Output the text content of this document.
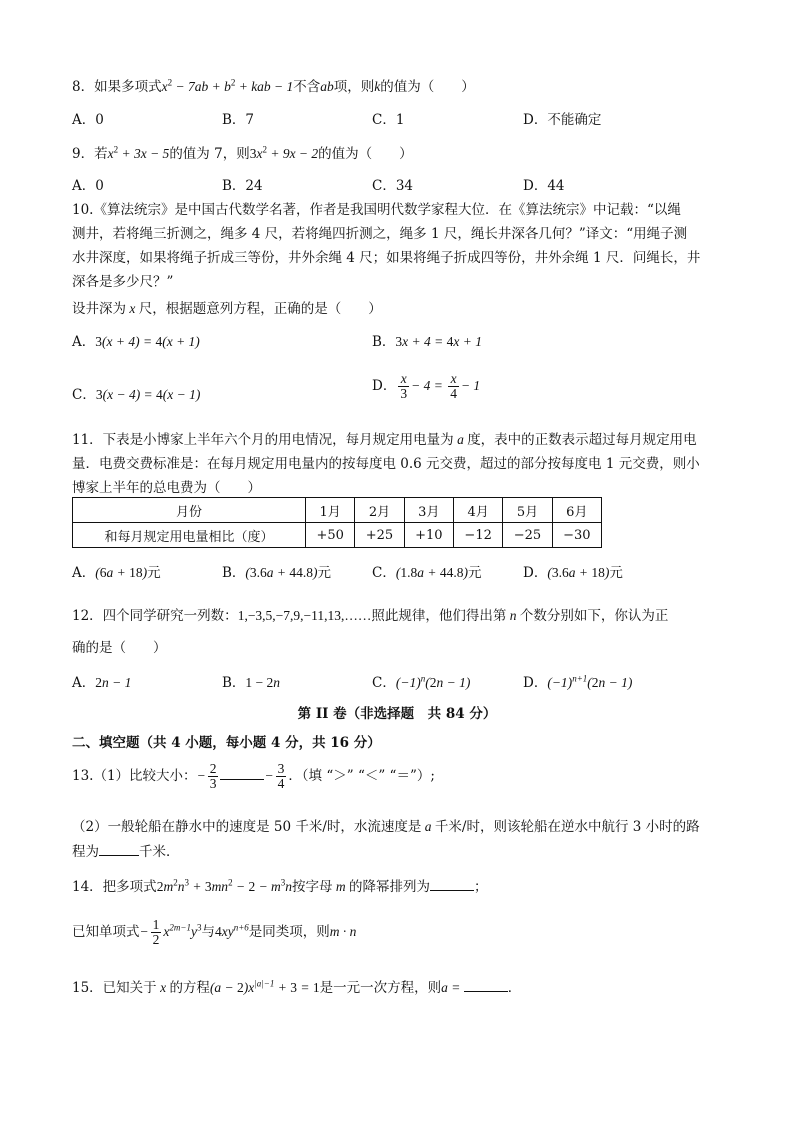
8．如果多项式$x^2 - 7ab + b^2$ + kab − 1不含ab项，则k的值为（　　）
A．0	B．7	C．1	D．不能确定
9．若$x^2 + 3x - 5$的值为 7，则$3x^2 + 9x - 2$的值为（　　）
A．0	B．24	C．34	D．44
10.《算法统宗》是中国古代数学名著，作者是我国明代数学家程大位．在《算法统宗》中记载：“以绳
测井，若将绳三折测之，绳多 4 尺，若将绳四折测之，绳多 1 尺，绳长井深各几何？”译文：“用绳子测
水井深度，如果将绳子折成三等份，井外余绳 4 尺；如果将绳子折成四等份，井外余绳 1 尺．问绳长，井
深各是多少尺？”
设井深为 x 尺，根据题意列方程，正确的是（　　）
A．3(x + 4) = 4(x + 1)	B．3x + 4 = 4x + 1
C．3(x − 4) = 4(x − 1)
D． $\frac{x}{3} - 4 = \frac{x}{4} - 1$
11．下表是小博家上半年六个月的用电情况，每月规定用电量为 a 度，表中的正数表示超过每月规定用电
量．电费交费标准是：在每月规定用电量内的按每度电 0.6 元交费，超过的部分按每度电 1 元交费，则小
博家上半年的总电费为（　　）
月份	1月	2月	3月	4月	5月	6月
和每月规定用电量相比（度）	+50	+25	+10	−12	−25	−30
A．(6a + 18)元	B．(3.6a + 44.8)元	C．(1.8a + 44.8)元	D．(3.6a + 18)元
12．四个同学研究一列数：1,−3,5,−7,9,−11,13,……照此规律，他们得出第 n 个数分别如下，你认为正
确的是（　　）
A．2n − 1	B．1 − 2n	C．$(-1)^n(2n - 1)$	D．$(-1)^{n+1}(2n - 1)$
第 II 卷（非选择题　共 84 分）
二、填空题（共 4 小题，每小题 4 分，共 16 分）
13.（1）比较大小：− $\frac{2}{3}$	− $\frac{3}{4}$ ．（填 “＞” “＜” “＝”）;
（2）一般轮船在静水中的速度是 50 千米/时，水流速度是 a 千米/时，则该轮船在逆水中航行 3 小时的路
程为	千米．
14．把多项式$2m^2n^3 + 3mn^2 - 2 - m^3n$按字母 m 的降幂排列为	；
已知单项式− $\frac{1}{2} x^{2m-1}y^3$与$4xy^{n+6}$是同类项，则m · n
15．已知关于 x 的方程$(a - 2)x^{|a|-1} + 3 = 1$是一元一次方程，则a =	．
